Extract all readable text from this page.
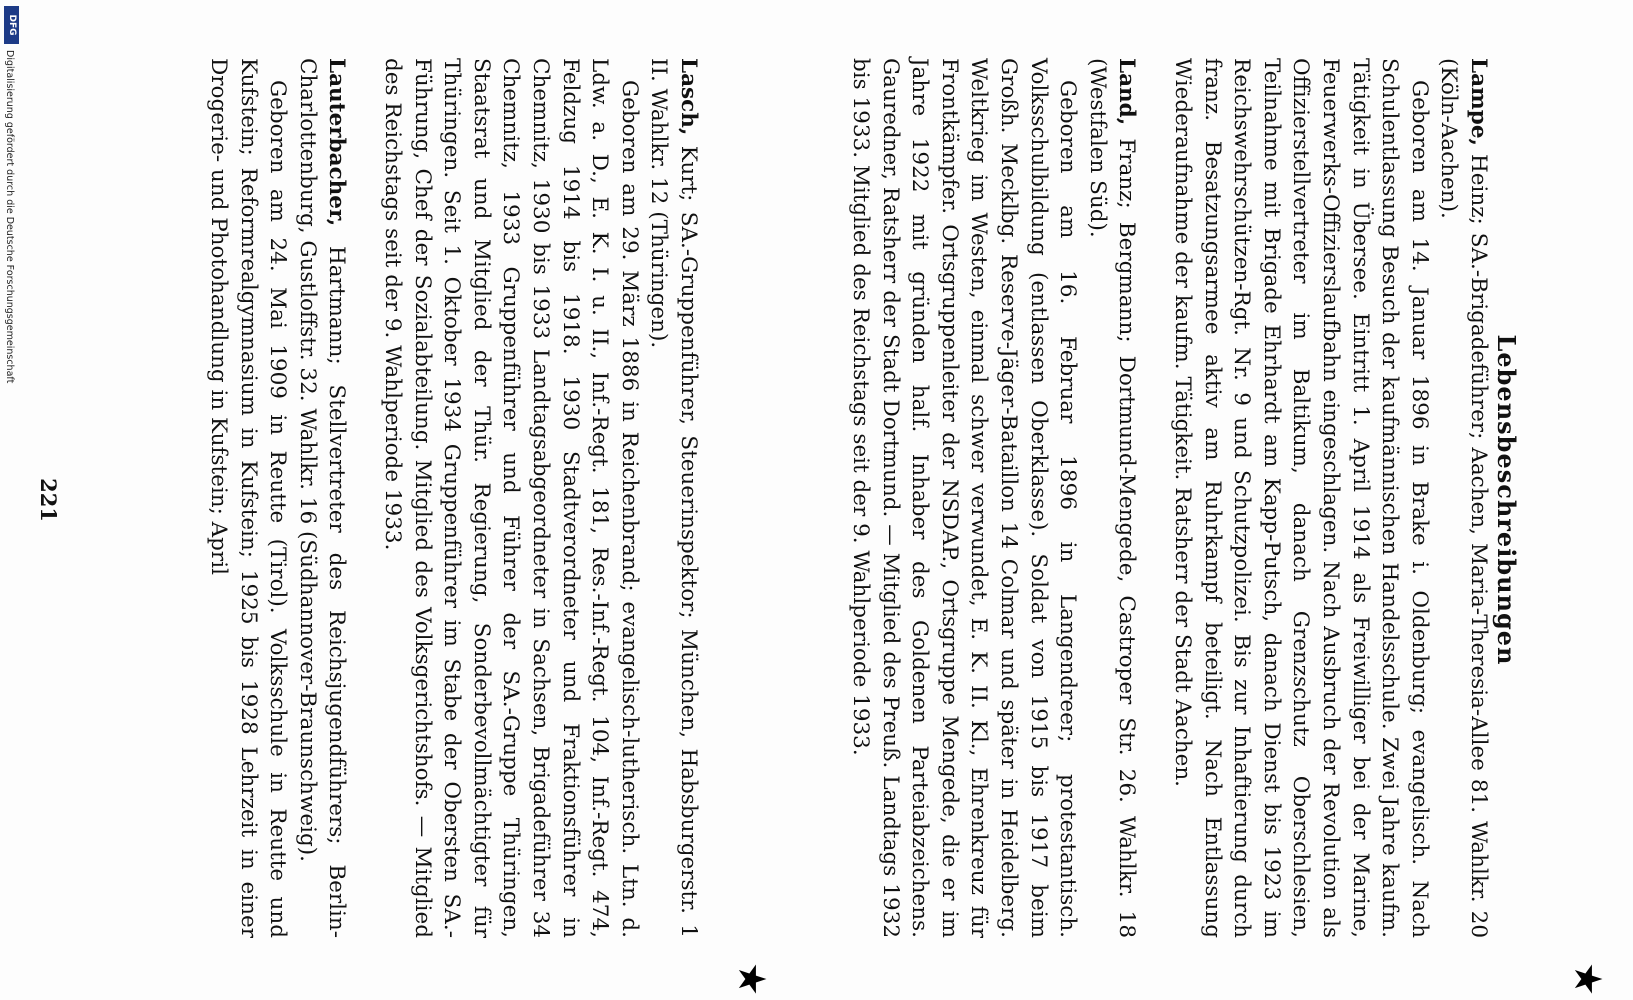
Lebensbeschreibungen
★

Lampe, Heinz; SA.-Brigadeführer; Aachen, Maria-Theresia-Allee 81. Wahlkr. 20 (Köln-Aachen).

Geboren am 14. Januar 1896 in Brake i. Oldenburg; evangelisch. Nach Schulentlassung Besuch der kaufmännischen Handelsschule. Zwei Jahre kaufm. Tätigkeit in Übersee. Eintritt 1. April 1914 als Freiwilliger bei der Marine, Feuerwerks-Offizierslaufbahn eingeschlagen. Nach Ausbruch der Revolution als Offizierstellvertreter im Baltikum, danach Grenzschutz Oberschlesien, Teilnahme mit Brigade Ehrhardt am Kapp-Putsch, danach Dienst bis 1923 im Reichswehrschützen-Rgt. Nr. 9 und Schutzpolizei. Bis zur Inhaftierung durch franz. Besatzungsarmee aktiv am Ruhrkampf beteiligt. Nach Entlassung Wiederaufnahme der kaufm. Tätigkeit. Ratsherr der Stadt Aachen.

Land, Franz; Bergmann; Dortmund-Mengede, Castroper Str. 26. Wahlkr. 18 (Westfalen Süd).

Geboren am 16. Februar 1896 in Langendreer; protestantisch. Volksschulbildung (entlassen Oberklasse). Soldat von 1915 bis 1917 beim Großh. Mecklbg. Reserve-Jäger-Bataillon 14 Colmar und später in Heidelberg. Weltkrieg im Westen, einmal schwer verwundet, E. K. II. Kl., Ehrenkreuz für Frontkämpfer. Ortsgruppenleiter der NSDAP., Ortsgruppe Mengede, die er im Jahre 1922 mit gründen half. Inhaber des Goldenen Parteiabzeichens. Gauredner, Ratsherr der Stadt Dortmund. — Mitglied des Preuß. Landtags 1932 bis 1933. Mitglied des Reichstags seit der 9. Wahlperiode 1933.

★

Lasch, Kurt; SA.-Gruppenführer, Steuerinspektor; München, Habsburgerstr. 1 II. Wahlkr. 12 (Thüringen).

Geboren am 29. März 1886 in Reichenbrand; evangelisch-lutherisch. Ltn. d. Ldw. a. D., E. K. I. u. II., Inf.-Regt. 181, Res.-Inf.-Regt. 104, Inf.-Regt. 474, Feldzug 1914 bis 1918. 1930 Stadtverordneter und Fraktionsführer in Chemnitz, 1930 bis 1933 Landtagsabgeordneter in Sachsen, Brigadeführer 34 Chemnitz, 1933 Gruppenführer und Führer der SA.-Gruppe Thüringen, Staatsrat und Mitglied der Thür. Regierung, Sonderbevollmächtigter für Thüringen. Seit 1. Oktober 1934 Gruppenführer im Stabe der Obersten SA.-Führung, Chef der Sozialabteilung. Mitglied des Volksgerichtshofs. — Mitglied des Reichstags seit der 9. Wahlperiode 1933.

Lauterbacher, Hartmann; Stellvertreter des Reichsjugendführers; Berlin-Charlottenburg, Gustloffstr. 32. Wahlkr. 16 (Südhannover-Braunschweig).

Geboren am 24. Mai 1909 in Reutte (Tirol). Volksschule in Reutte und Kufstein; Reformrealgymnasium in Kufstein; 1925 bis 1928 Lehrzeit in einer Drogerie- und Photohandlung in Kufstein; April

221
DFG
Digitalisierung gefördert durch die Deutsche Forschungsgemeinschaft
